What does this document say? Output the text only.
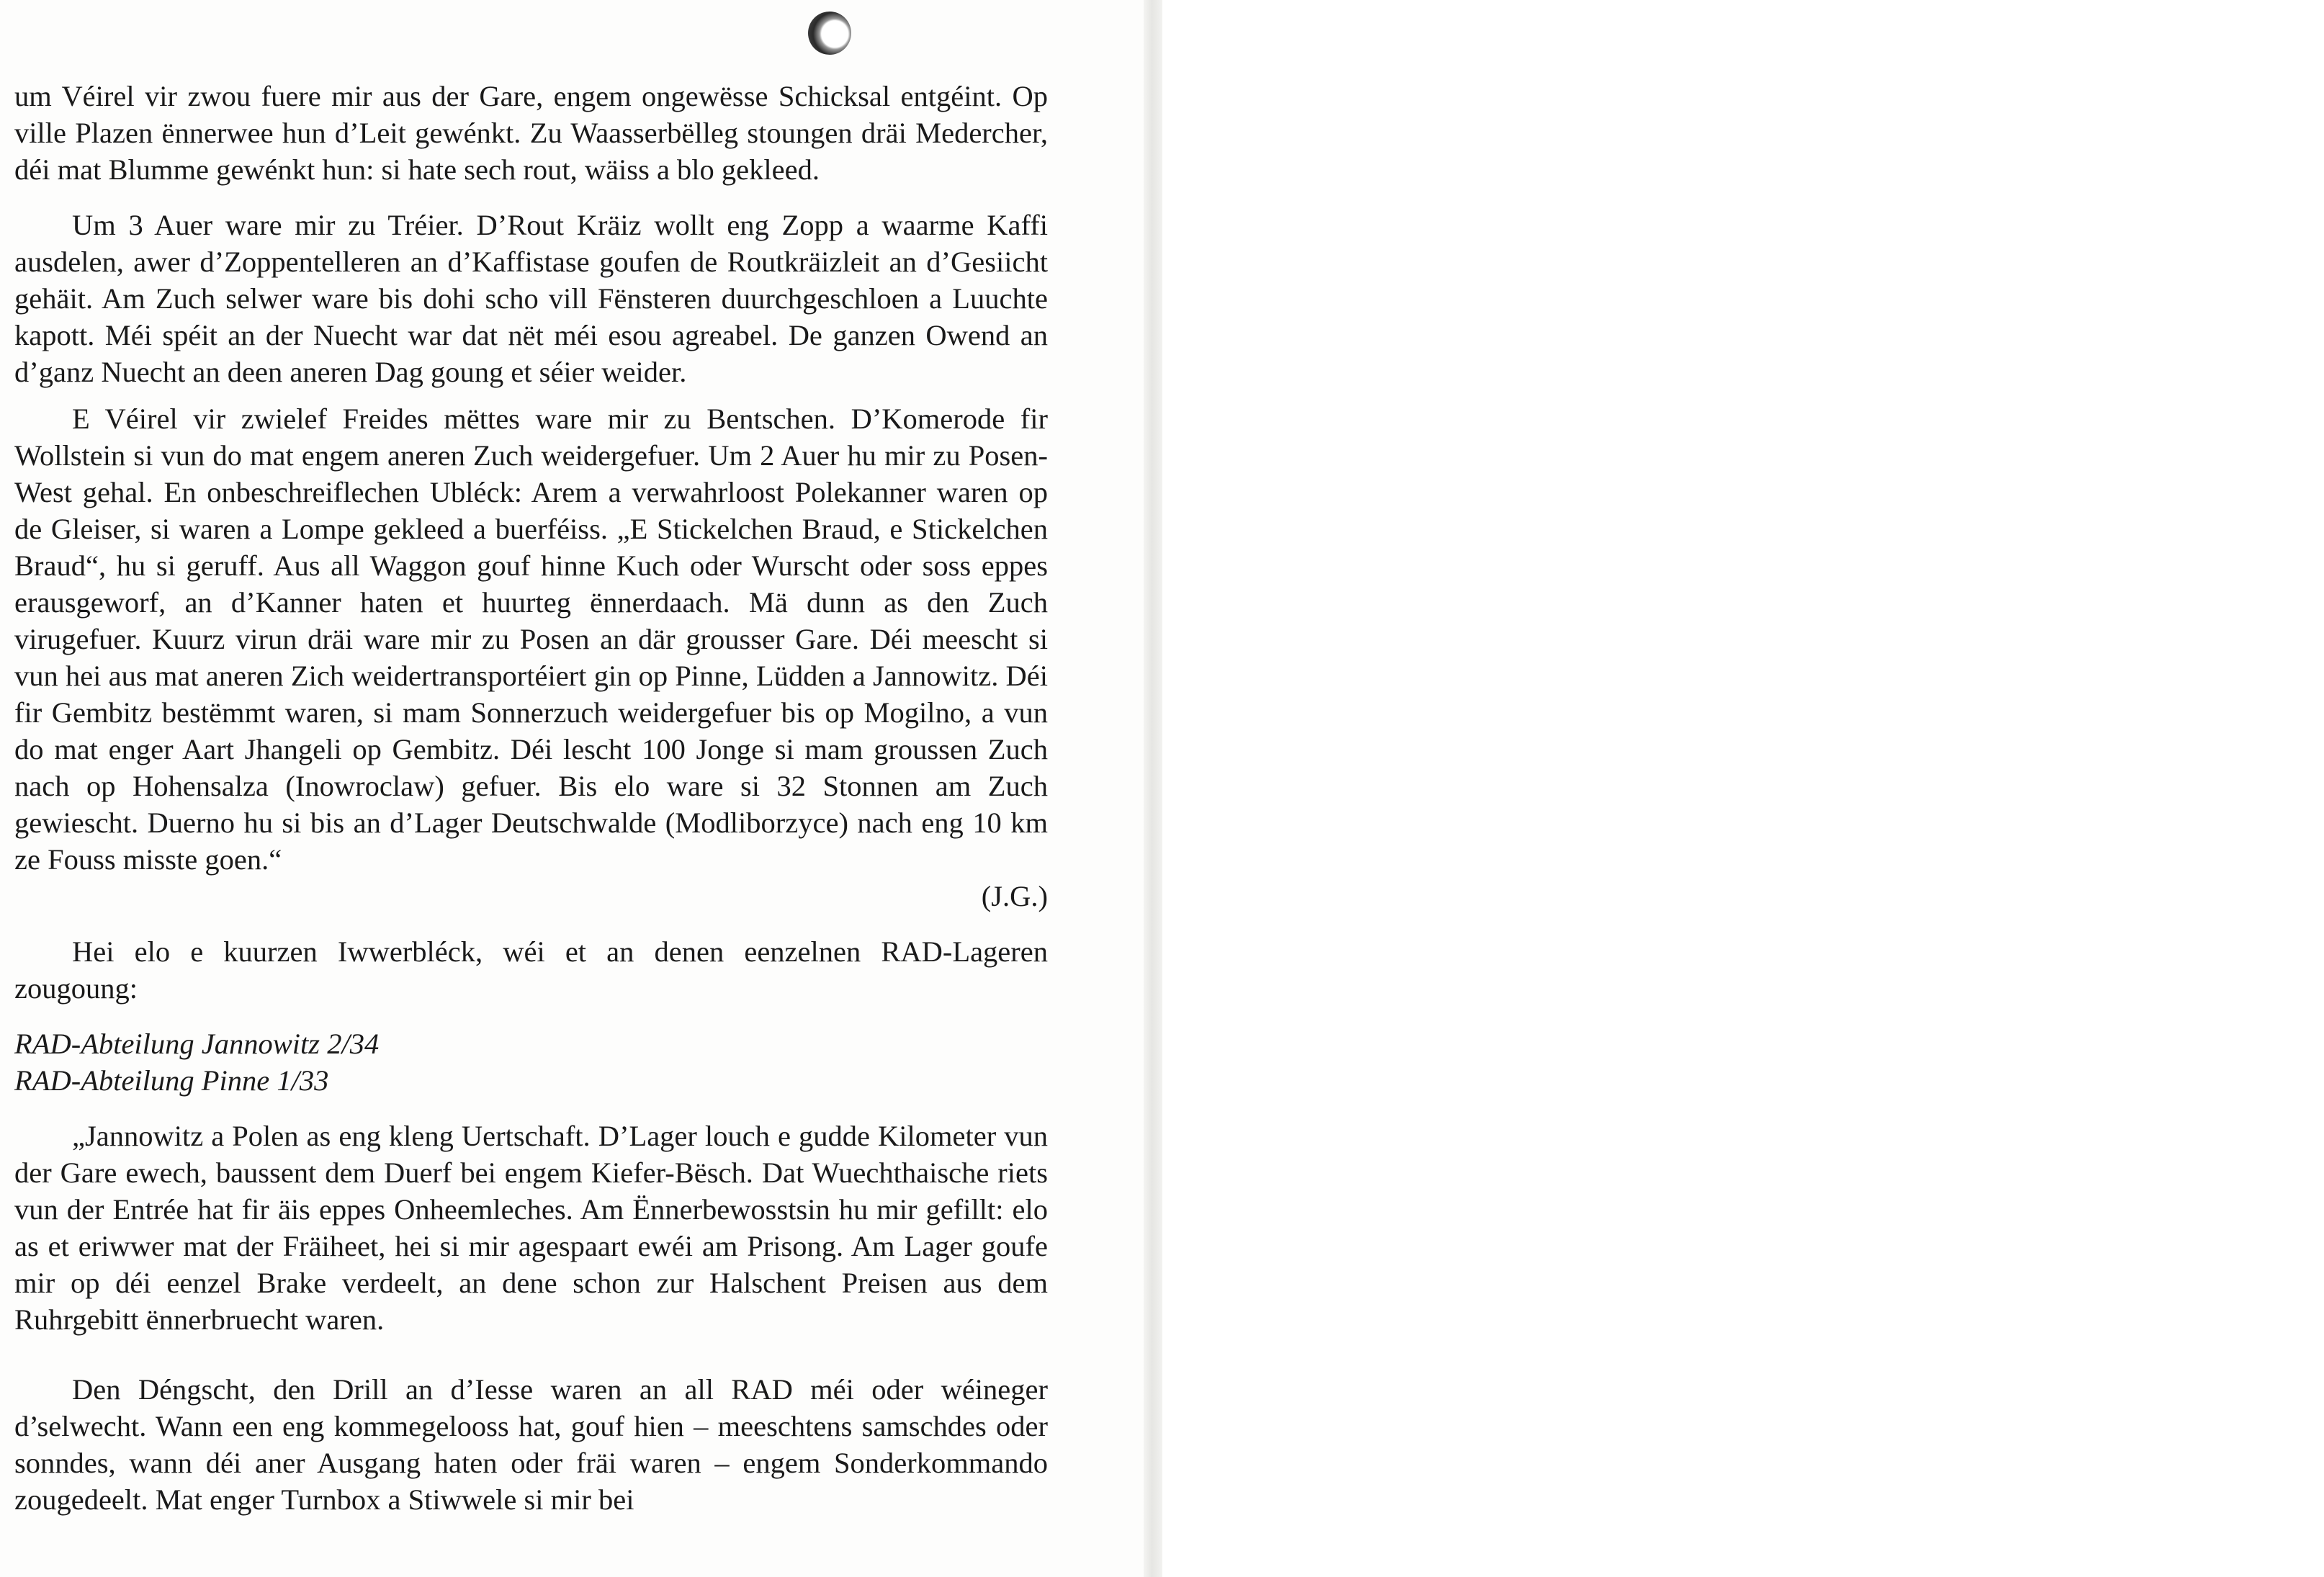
um Véirel vir zwou fuere mir aus der Gare, engem ongewësse Schicksal entgéint. Op ville Plazen ënnerwee hun d’Leit gewénkt. Zu Waasserbëlleg stoungen dräi Medercher, déi mat Blumme gewénkt hun: si hate sech rout, wäiss a blo gekleed.

Um 3 Auer ware mir zu Tréier. D’Rout Kräiz wollt eng Zopp a waarme Kaffi ausdelen, awer d’Zoppentelleren an d’Kaffistase goufen de Routkräizleit an d’Gesiicht gehäit. Am Zuch selwer ware bis dohi scho vill Fënsteren duurchgeschloen a Luuchte kapott. Méi spéit an der Nuecht war dat nët méi esou agreabel. De ganzen Owend an d’ganz Nuecht an deen aneren Dag goung et séier weider.

E Véirel vir zwielef Freides mëttes ware mir zu Bentschen. D’Komerode fir Wollstein si vun do mat engem aneren Zuch weidergefuer. Um 2 Auer hu mir zu Posen-West gehal. En onbeschreiflechen Ubléck: Arem a verwahrloost Polekanner waren op de Gleiser, si waren a Lompe gekleed a buerféiss. „E Stickelchen Braud, e Stickelchen Braud“, hu si geruff. Aus all Waggon gouf hinne Kuch oder Wurscht oder soss eppes erausgeworf, an d’Kanner haten et huurteg ënnerdaach. Mä dunn as den Zuch virugefuer. Kuurz virun dräi ware mir zu Posen an där grousser Gare. Déi meescht si vun hei aus mat aneren Zich weidertransportéiert gin op Pinne, Lüdden a Jannowitz. Déi fir Gembitz bestëmmt waren, si mam Sonnerzuch weidergefuer bis op Mogilno, a vun do mat enger Aart Jhangeli op Gembitz. Déi lescht 100 Jonge si mam groussen Zuch nach op Hohensalza (Inowroclaw) gefuer. Bis elo ware si 32 Stonnen am Zuch gewiescht. Duerno hu si bis an d’Lager Deutschwalde (Modliborzyce) nach eng 10 km ze Fouss misste goen.“

(J.G.)

Hei elo e kuurzen Iwwerbléck, wéi et an denen eenzelnen RAD-Lageren zougoung:

RAD-Abteilung Jannowitz 2/34
RAD-Abteilung Pinne 1/33

„Jannowitz a Polen as eng kleng Uertschaft. D’Lager louch e gudde Kilometer vun der Gare ewech, baussent dem Duerf bei engem Kiefer-Bësch. Dat Wuechthaische riets vun der Entrée hat fir äis eppes Onheemleches. Am Ënnerbewosstsin hu mir gefillt: elo as et eriwwer mat der Fräiheet, hei si mir agespaart ewéi am Prisong. Am Lager goufe mir op déi eenzel Brake verdeelt, an dene schon zur Halschent Preisen aus dem Ruhrgebitt ënnerbruecht waren.

Den Déngscht, den Drill an d’Iesse waren an all RAD méi oder wéineger d’selwecht. Wann een eng kommegelooss hat, gouf hien – meeschtens samschdes oder sonndes, wann déi aner Ausgang haten oder fräi waren – engem Sonderkommando zougedeelt. Mat enger Turnbox a Stiwwele si mir bei
